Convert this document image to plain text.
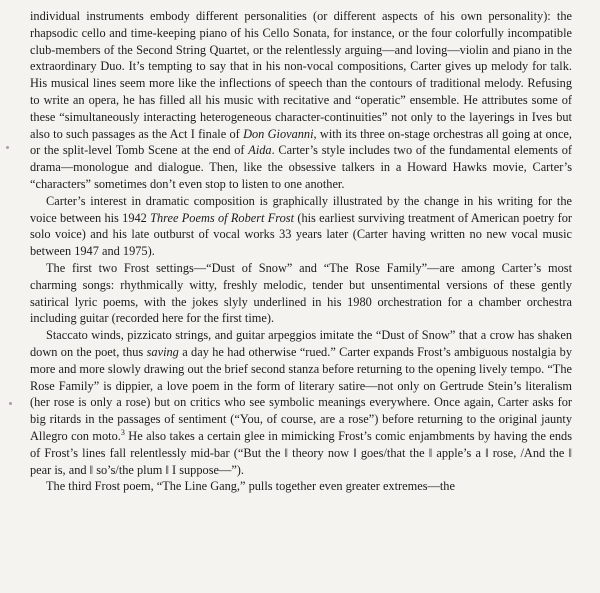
individual instruments embody different personalities (or different aspects of his own personality): the rhapsodic cello and time-keeping piano of his Cello Sonata, for instance, or the four colorfully incompatible club-members of the Second String Quartet, or the relentlessly arguing—and loving—violin and piano in the extraordinary Duo. It’s tempting to say that in his non-vocal compositions, Carter gives up melody for talk. His musical lines seem more like the inflections of speech than the contours of traditional melody. Refusing to write an opera, he has filled all his music with recitative and “operatic” ensemble. He attributes some of these “simultaneously interacting heterogeneous character-continuities” not only to the layerings in Ives but also to such passages as the Act I finale of Don Giovanni, with its three on-stage orchestras all going at once, or the split-level Tomb Scene at the end of Aida. Carter’s style includes two of the fundamental elements of drama—monologue and dialogue. Then, like the obsessive talkers in a Howard Hawks movie, Carter’s “characters” sometimes don’t even stop to listen to one another.

Carter’s interest in dramatic composition is graphically illustrated by the change in his writing for the voice between his 1942 Three Poems of Robert Frost (his earliest surviving treatment of American poetry for solo voice) and his late outburst of vocal works 33 years later (Carter having written no new vocal music between 1947 and 1975).

The first two Frost settings—“Dust of Snow” and “The Rose Family”—are among Carter’s most charming songs: rhythmically witty, freshly melodic, tender but unsentimental versions of these gently satirical lyric poems, with the jokes slyly underlined in his 1980 orchestration for a chamber orchestra including guitar (recorded here for the first time).

Staccato winds, pizzicato strings, and guitar arpeggios imitate the “Dust of Snow” that a crow has shaken down on the poet, thus saving a day he had otherwise “rued.” Carter expands Frost’s ambiguous nostalgia by more and more slowly drawing out the brief second stanza before returning to the opening lively tempo. “The Rose Family” is dippier, a love poem in the form of literary satire—not only on Gertrude Stein’s literalism (her rose is only a rose) but on critics who see symbolic meanings everywhere. Once again, Carter asks for big ritards in the passages of sentiment (“You, of course, are a rose”) before returning to the original jaunty Allegro con moto.$^3$ He also takes a certain glee in mimicking Frost’s comic enjambments by having the ends of Frost’s lines fall relentlessly mid-bar (“But the ‖ theory now ‖ goes/that the ‖ apple’s a ‖ rose, /And the ‖ pear is, and ‖ so’s/the plum ‖ I suppose—”).

The third Frost poem, “The Line Gang,” pulls together even greater extremes—the
